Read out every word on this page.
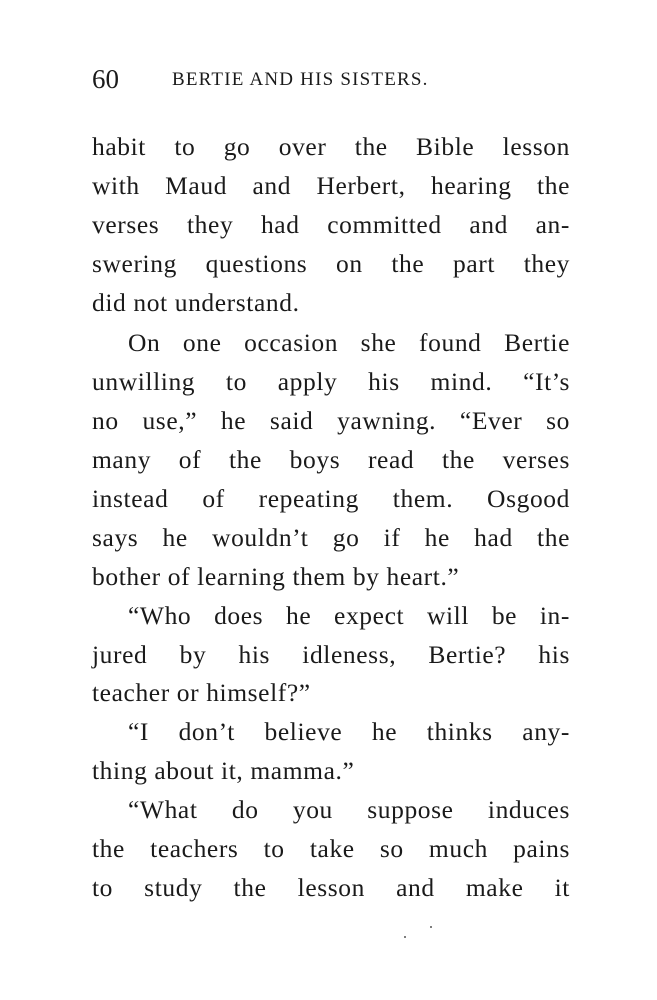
60	BERTIE AND HIS SISTERS.
habit to go over the Bible lesson
with Maud and Herbert, hearing the
verses they had committed and an-
swering questions on the part they
did not understand.
On one occasion she found Bertie
unwilling to apply his mind. “It’s
no use,” he said yawning. “Ever so
many of the boys read the verses
instead of repeating them. Osgood
says he wouldn’t go if he had the
bother of learning them by heart.”
“Who does he expect will be in-
jured by his idleness, Bertie? his
teacher or himself?”
“I don’t believe he thinks any-
thing about it, mamma.”
“What do you suppose induces
the teachers to take so much pains
to study the lesson and make it
